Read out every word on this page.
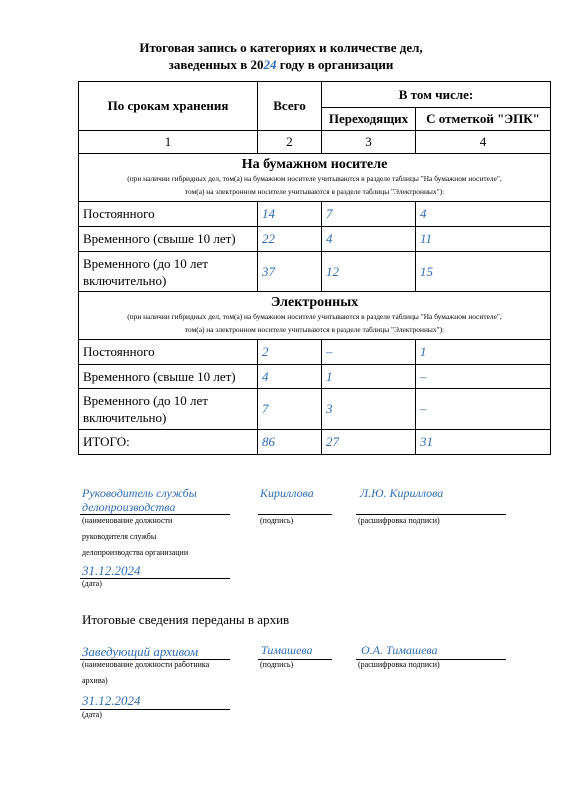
Итоговая запись о категориях и количестве дел,
заведенных в 2024 году в организации
По срокам хранения	Всего	В том числе:	
		Переходящих	С отметкой "ЭПК"
1	2	3	4

На бумажном носителе
(при наличии гибридных дел, том(а) на бумажном носителе учитываются в разделе таблицы "На бумажном носителе",
том(а) на электронном носителе учитываются в разделе таблицы "Электронных"):			

Постоянного	14	7	4
Временного (свыше 10 лет)	22	4	11
Временного (до 10 лет включительно)	37	12	15

Электронных
(при наличии гибридных дел, том(а) на бумажном носителе учитываются в разделе таблицы "На бумажном носителе",
том(а) на электронном носителе учитываются в разделе таблицы "Электронных"):			

Постоянного	2	–	1
Временного (свыше 10 лет)	4	1	–
Временного (до 10 лет включительно)	7	3	–
ИТОГО:	86	27	31
Руководитель службы
делопроизводства
(наименование должности
руководителя службы
делопроизводства организации
Кириллова
(подпись)
Л.Ю. Кириллова
(расшифровка подписи)
31.12.2024
(дата)
Итоговые сведения переданы в архив
Заведующий архивом
(наименование должности работника
архива)
Тимашева
(подпись)
О.А. Тимашева
(расшифровка подписи)
31.12.2024
(дата)
